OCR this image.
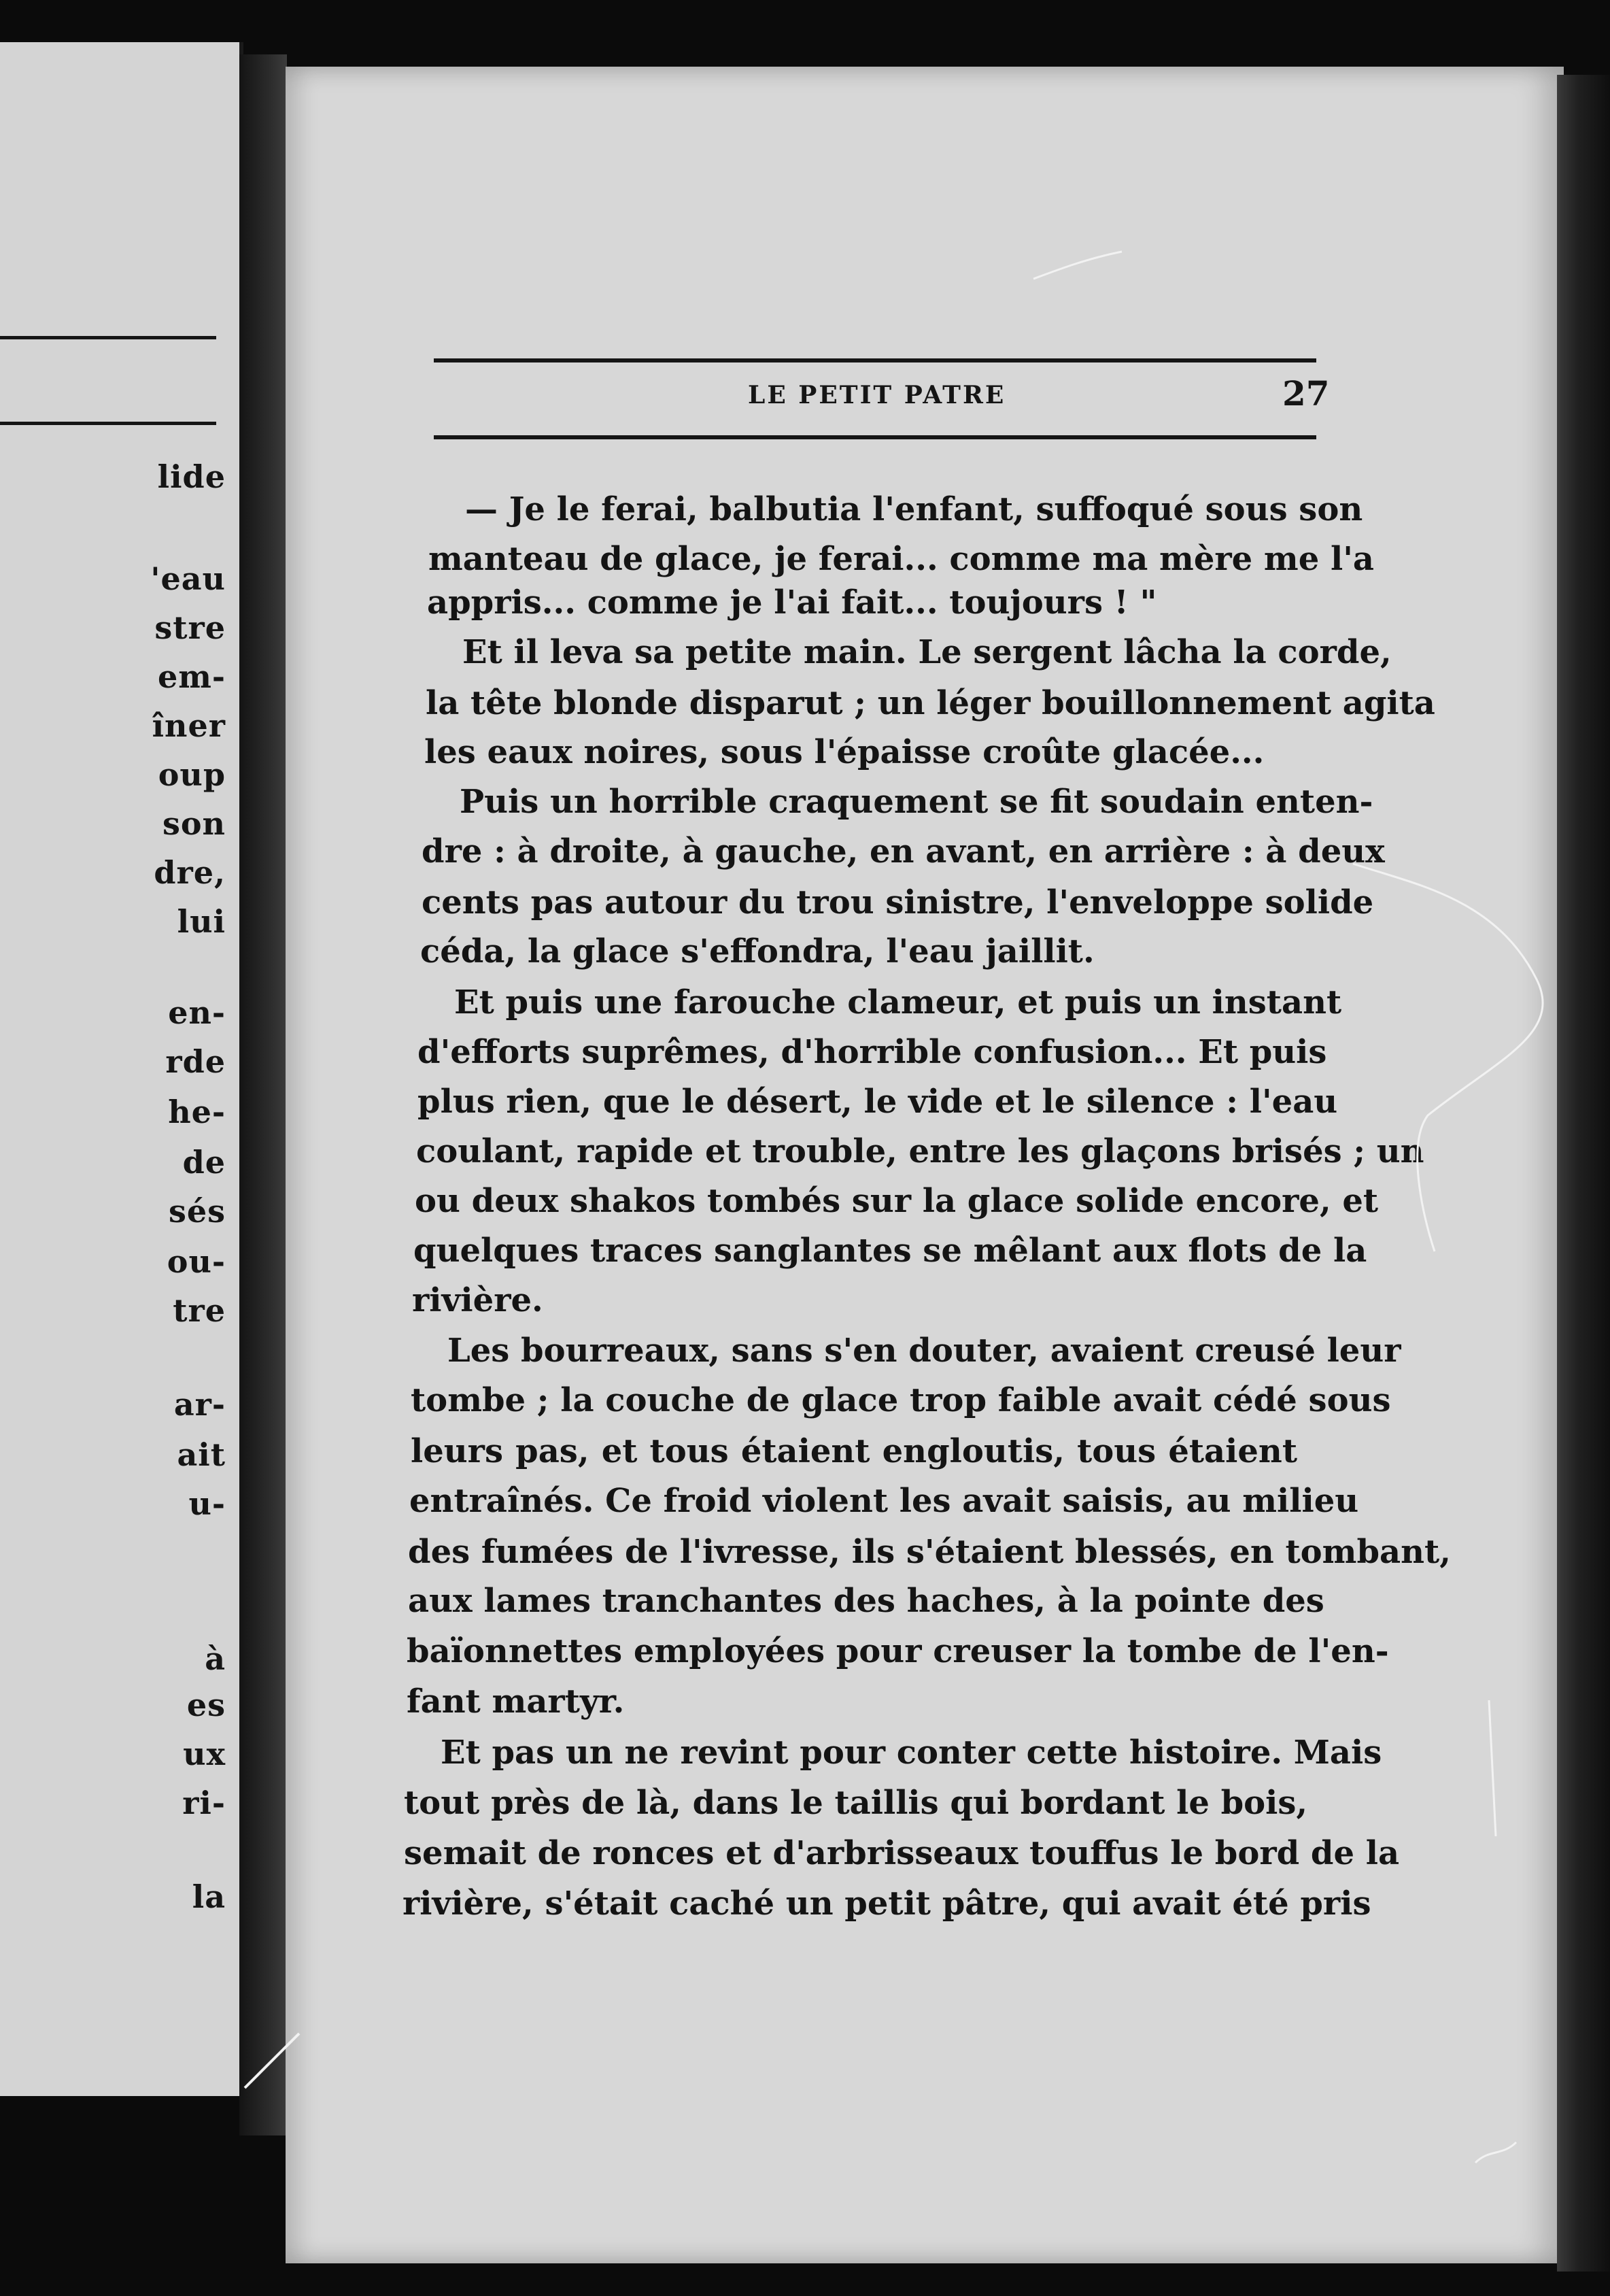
lide
'eau
stre
em-
îner
oup
son
dre,
lui
en-
rde
he-
de
sés
ou-
tre
ar-
ait
u-
à
es
ux
ri-
la
LE PETIT PATRE	27
— Je le ferai, balbutia l'enfant, suffoqué sous son
manteau de glace, je ferai... comme ma mère me l'a
appris... comme je l'ai fait... toujours ! "
Et il leva sa petite main. Le sergent lâcha la corde,
la tête blonde disparut ; un léger bouillonnement agita
les eaux noires, sous l'épaisse croûte glacée...
Puis un horrible craquement se fit soudain enten-
dre : à droite, à gauche, en avant, en arrière : à deux
cents pas autour du trou sinistre, l'enveloppe solide
céda, la glace s'effondra, l'eau jaillit.
Et puis une farouche clameur, et puis un instant
d'efforts suprêmes, d'horrible confusion... Et puis
plus rien, que le désert, le vide et le silence : l'eau
coulant, rapide et trouble, entre les glaçons brisés ; un
ou deux shakos tombés sur la glace solide encore, et
quelques traces sanglantes se mêlant aux flots de la
rivière.
Les bourreaux, sans s'en douter, avaient creusé leur
tombe ; la couche de glace trop faible avait cédé sous
leurs pas, et tous étaient engloutis, tous étaient
entraînés. Ce froid violent les avait saisis, au milieu
des fumées de l'ivresse, ils s'étaient blessés, en tombant,
aux lames tranchantes des haches, à la pointe des
baïonnettes employées pour creuser la tombe de l'en-
fant martyr.
Et pas un ne revint pour conter cette histoire. Mais
tout près de là, dans le taillis qui bordant le bois,
semait de ronces et d'arbrisseaux touffus le bord de la
rivière, s'était caché un petit pâtre, qui avait été pris
